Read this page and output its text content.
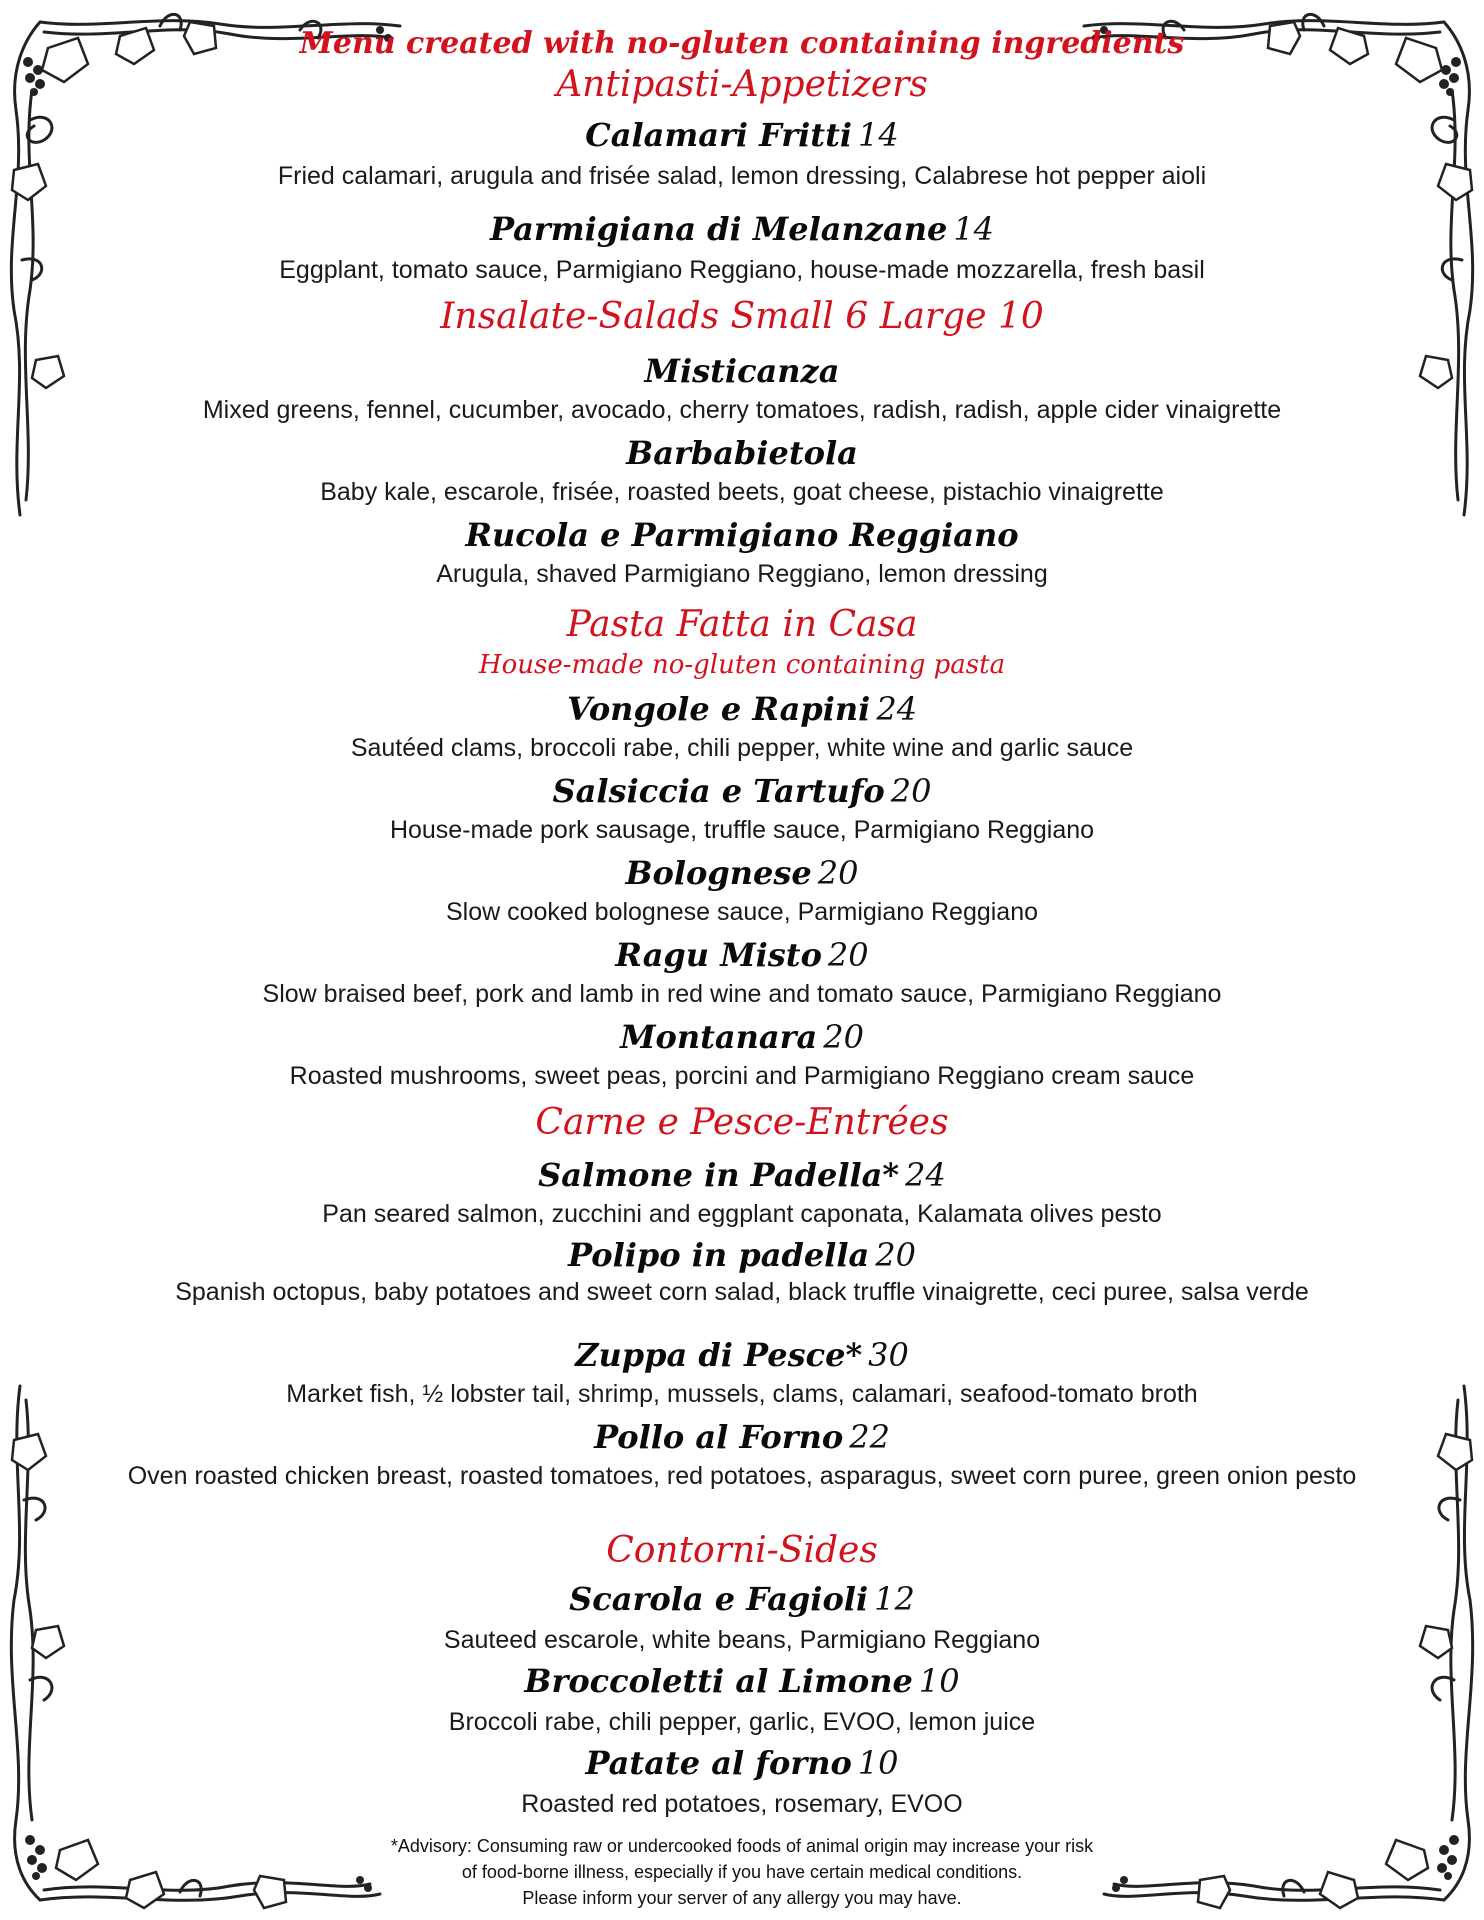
Menu created with no-gluten containing ingredients
Antipasti-Appetizers
Calamari Fritti 14
Fried calamari, arugula and frisée salad, lemon dressing, Calabrese hot pepper aioli
Parmigiana di Melanzane 14
Eggplant, tomato sauce, Parmigiano Reggiano, house-made mozzarella, fresh basil
Insalate-Salads Small 6 Large 10
Misticanza
Mixed greens, fennel, cucumber, avocado, cherry tomatoes, radish, radish, apple cider vinaigrette
Barbabietola
Baby kale, escarole, frisée, roasted beets, goat cheese, pistachio vinaigrette
Rucola e Parmigiano Reggiano
Arugula, shaved Parmigiano Reggiano, lemon dressing
Pasta Fatta in Casa
House-made no-gluten containing pasta
Vongole e Rapini 24
Sautéed clams, broccoli rabe, chili pepper, white wine and garlic sauce
Salsiccia e Tartufo 20
House-made pork sausage, truffle sauce, Parmigiano Reggiano
Bolognese 20
Slow cooked bolognese sauce, Parmigiano Reggiano
Ragu Misto 20
Slow braised beef, pork and lamb in red wine and tomato sauce, Parmigiano Reggiano
Montanara 20
Roasted mushrooms, sweet peas, porcini and Parmigiano Reggiano cream sauce
Carne e Pesce-Entrées
Salmone in Padella* 24
Pan seared salmon, zucchini and eggplant caponata, Kalamata olives pesto
Polipo in padella 20
Spanish octopus, baby potatoes and sweet corn salad, black truffle vinaigrette, ceci puree, salsa verde
Zuppa di Pesce* 30
Market fish, ½ lobster tail, shrimp, mussels, clams, calamari, seafood-tomato broth
Pollo al Forno 22
Oven roasted chicken breast, roasted tomatoes, red potatoes, asparagus, sweet corn puree, green onion pesto
Contorni-Sides
Scarola e Fagioli 12
Sauteed escarole, white beans, Parmigiano Reggiano
Broccoletti al Limone 10
Broccoli rabe, chili pepper, garlic, EVOO, lemon juice
Patate al forno 10
Roasted red potatoes, rosemary, EVOO
*Advisory: Consuming raw or undercooked foods of animal origin may increase your risk
of food-borne illness, especially if you have certain medical conditions.
Please inform your server of any allergy you may have.
